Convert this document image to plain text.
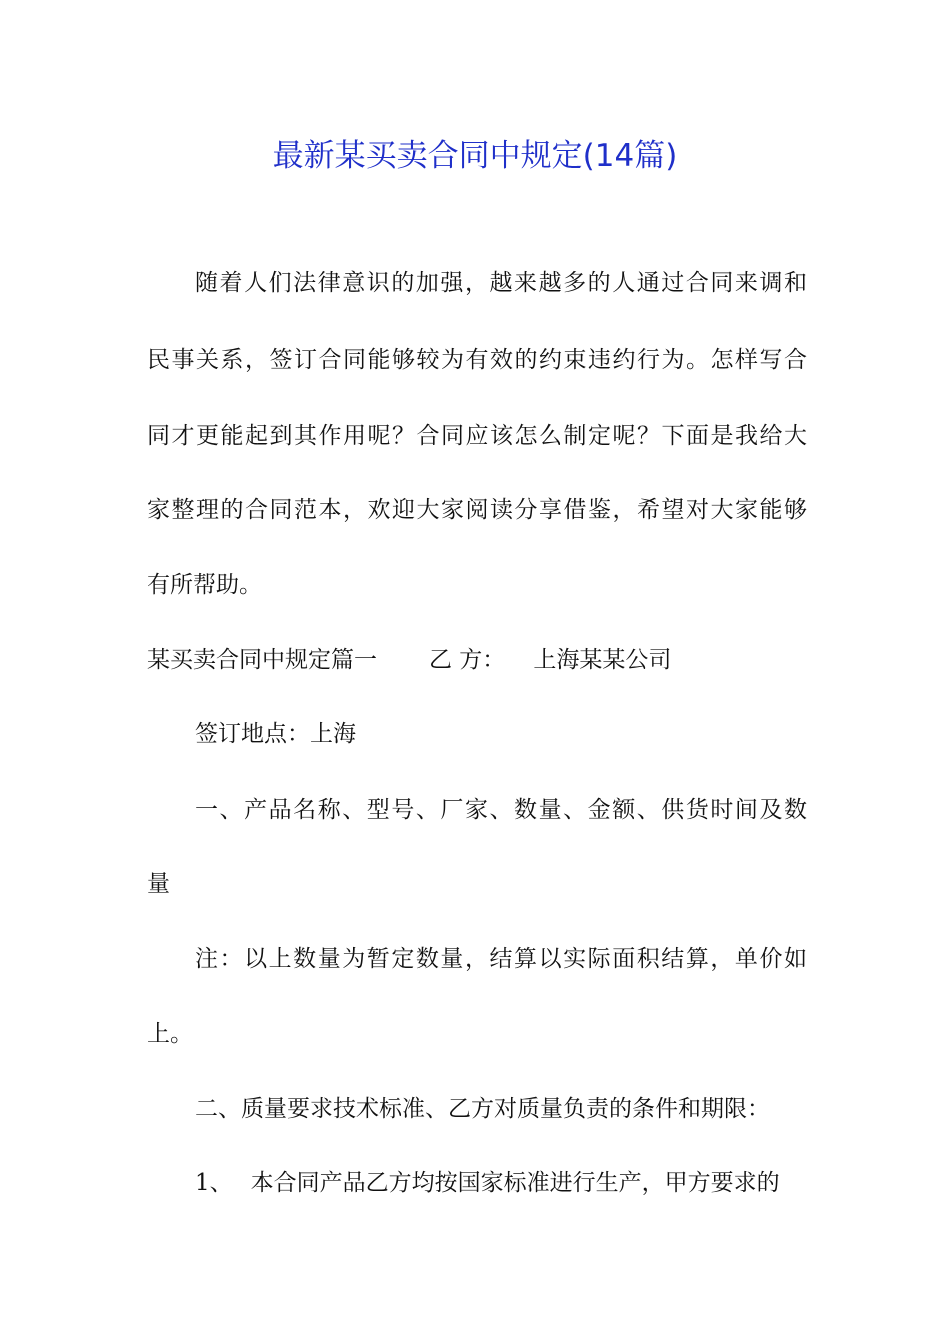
最新某买卖合同中规定(14篇)
随着人们法律意识的加强，越来越多的人通过合同来调和
民事关系，签订合同能够较为有效的约束违约行为。怎样写合
同才更能起到其作用呢？合同应该怎么制定呢？下面是我给大
家整理的合同范本，欢迎大家阅读分享借鉴，希望对大家能够
有所帮助。
某买卖合同中规定篇一 乙 方： 上海某某公司
签订地点：上海
一、产品名称、型号、厂家、数量、金额、供货时间及数
量
注：以上数量为暂定数量，结算以实际面积结算，单价如
上。
二、质量要求技术标准、乙方对质量负责的条件和期限：
1、 本合同产品乙方均按国家标准进行生产，甲方要求的
